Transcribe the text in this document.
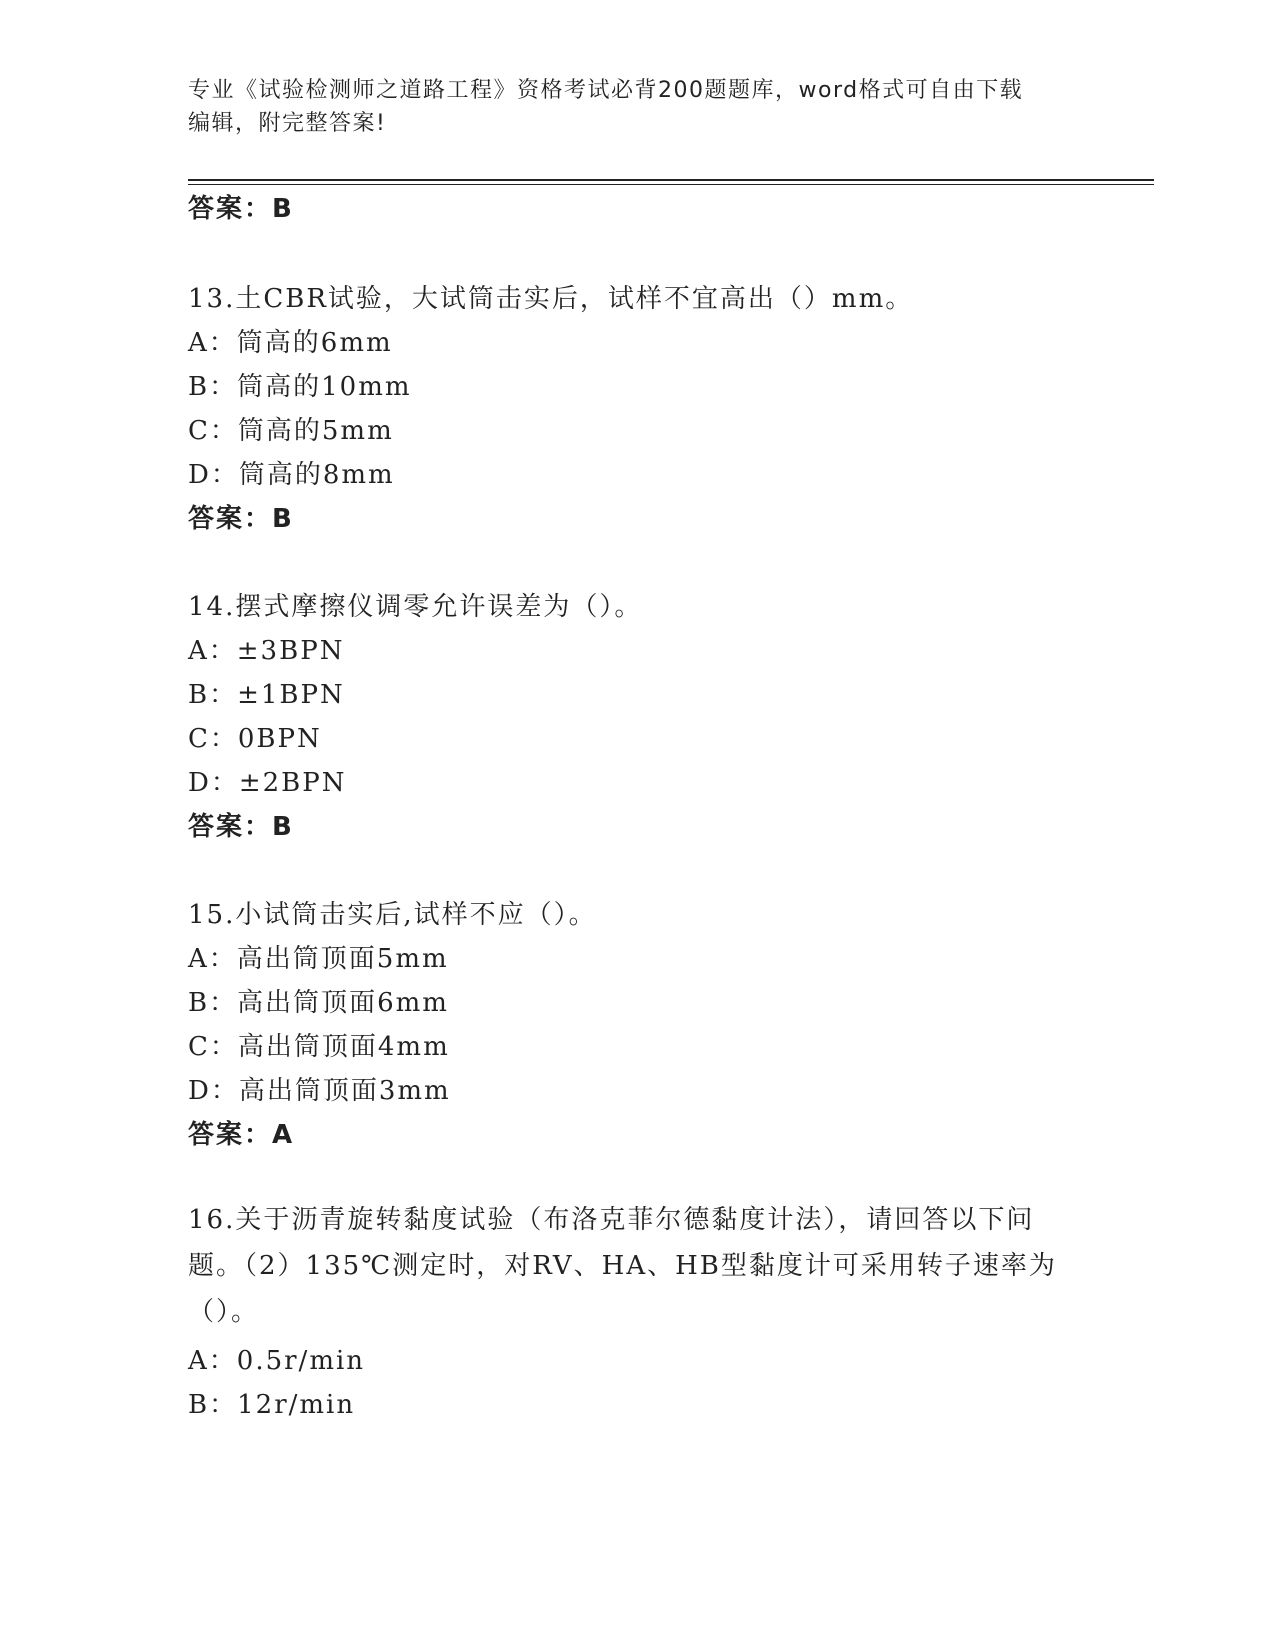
专业《试验检测师之道路工程》资格考试必背200题题库，word格式可自由下载
编辑，附完整答案!
答案：B
13.土CBR试验，大试筒击实后，试样不宜高出（）mm。
A：筒高的6mm
B：筒高的10mm
C：筒高的5mm
D：筒高的8mm
答案：B
14.摆式摩擦仪调零允许误差为（）。
A：±3BPN
B：±1BPN
C：0BPN
D：±2BPN
答案：B
15.小试筒击实后,试样不应（）。
A：高出筒顶面5mm
B：高出筒顶面6mm
C：高出筒顶面4mm
D：高出筒顶面3mm
答案：A
16.关于沥青旋转黏度试验（布洛克菲尔德黏度计法），请回答以下问题。（2）135℃测定时，对RV、HA、HB型黏度计可采用转子速率为（）。
A：0.5r/min
B：12r/min
